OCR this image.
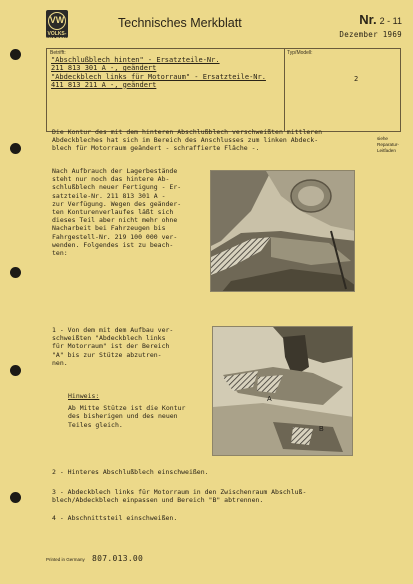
VW
VOLKSWAGEN
Technisches Merkblatt	Nr. 2 - 11
Dezember 1969
Betrifft:	Typ/Modell:
"Abschlußblech hinten" - Ersatzteile-Nr.
211 813 301 A -, geändert
"Abdeckblech links für Motorraum" - Ersatzteile-Nr.
411 813 211 A -, geändert
2
siehe
Reparatur-
Leitfaden
Die Kontur des mit dem hinteren Abschlußblech verschweißten mittleren
Abdeckbleches hat sich im Bereich des Anschlusses zum linken Abdeck-
blech für Motorraum geändert - schraffierte Fläche -.
Nach Aufbrauch der Lagerbestände
steht nur noch das hintere Ab-
schlußblech neuer Fertigung - Er-
satzteile-Nr. 211 813 301 A -
zur Verfügung. Wegen des geänder-
ten Konturenverlaufes läßt sich
dieses Teil aber nicht mehr ohne
Nacharbeit bei Fahrzeugen bis
Fahrgestell-Nr. 219 100 000 ver-
wenden. Folgendes ist zu beach-
ten:
1 - Von dem mit dem Aufbau ver-
schweißten "Abdeckblech links
für Motorraum" ist der Bereich
"A" bis zur Stütze abzutren-
nen.
Hinweis:
Ab Mitte Stütze ist die Kontur
des bisherigen und des neuen
Teiles gleich.
A
B
2 - Hinteres Abschlußblech einschweißen.
3 - Abdeckblech links für Motorraum in den Zwischenraum Abschluß-
blech/Abdeckblech einpassen und Bereich "B" abtrennen.
4 - Abschnittsteil einschweißen.
Printed in Germany 807.013.00
